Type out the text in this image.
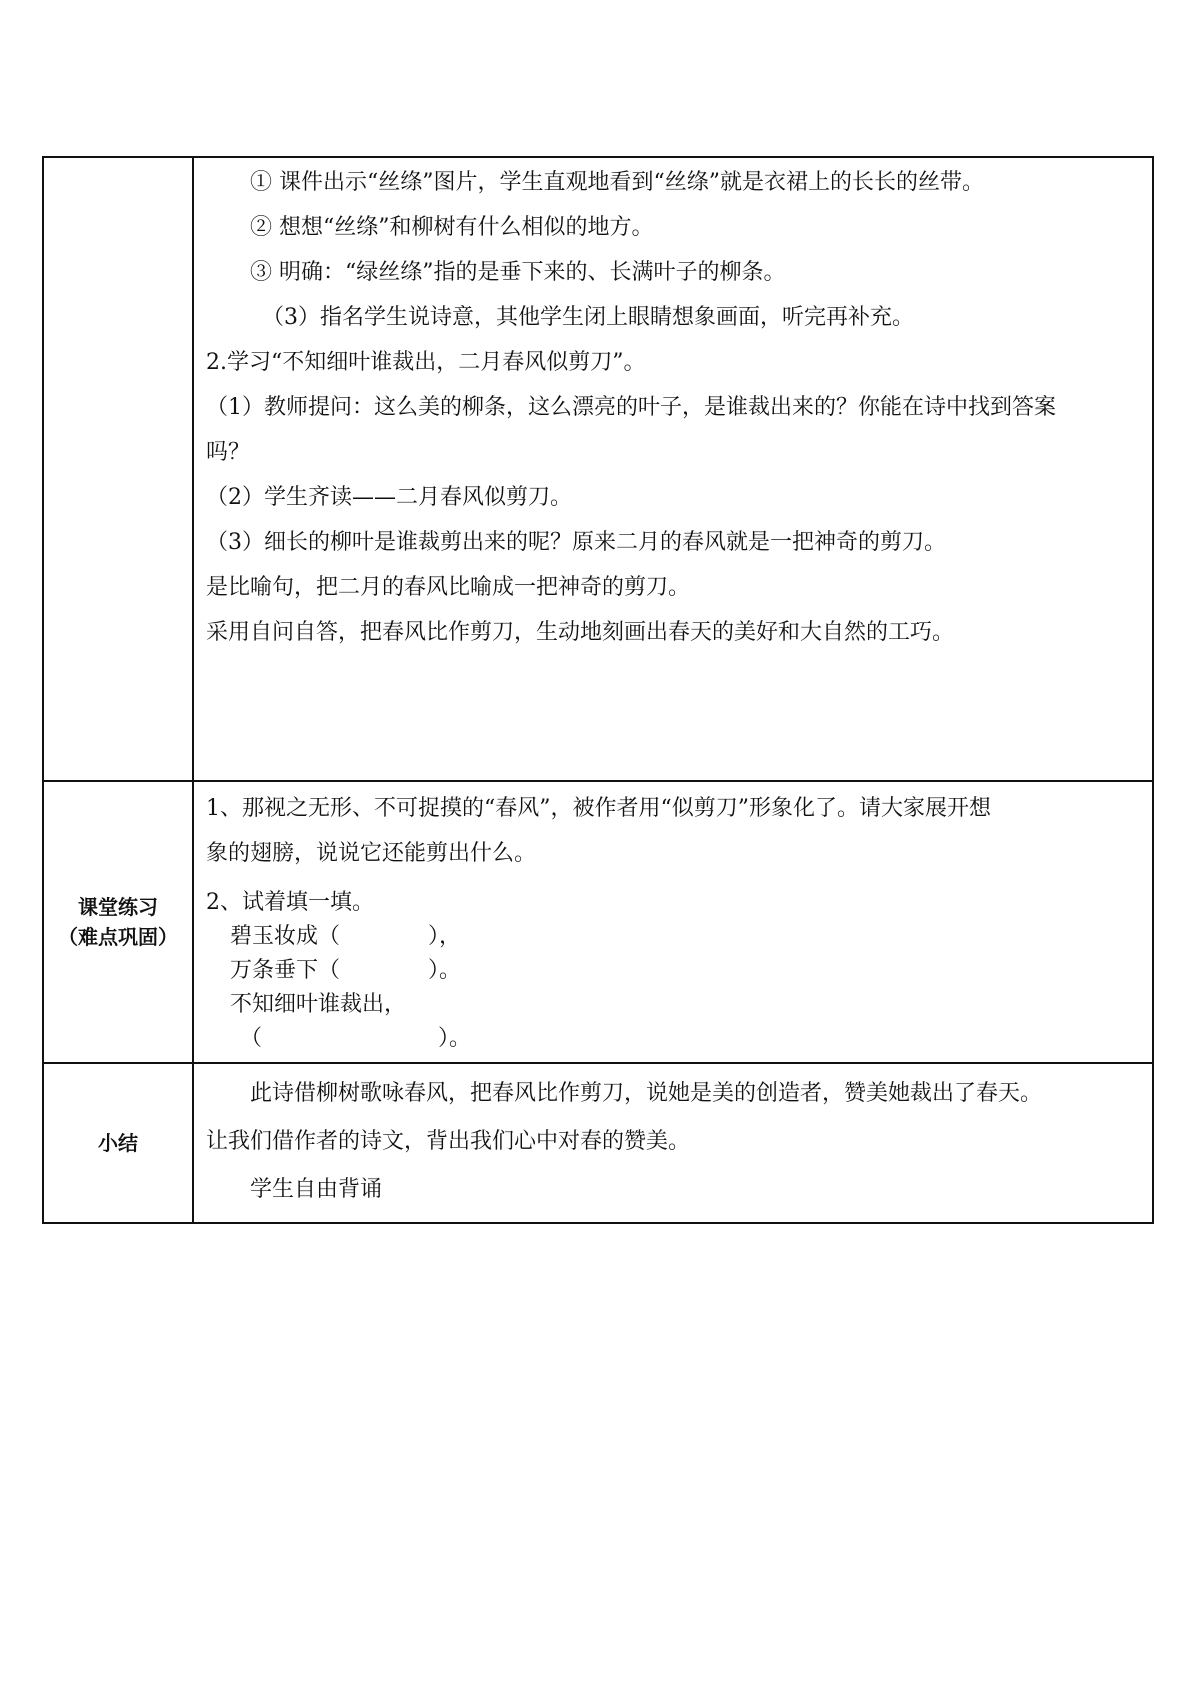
① 课件出示“丝绦”图片，学生直观地看到“丝绦”就是衣裙上的长长的丝带。
② 想想“丝绦”和柳树有什么相似的地方。
③ 明确：“绿丝绦”指的是垂下来的、长满叶子的柳条。
（3）指名学生说诗意，其他学生闭上眼睛想象画面，听完再补充。
2.学习“不知细叶谁裁出，二月春风似剪刀”。
（1）教师提问：这么美的柳条，这么漂亮的叶子，是谁裁出来的？你能在诗中找到答案
吗？
（2）学生齐读——二月春风似剪刀。
（3）细长的柳叶是谁裁剪出来的呢？原来二月的春风就是一把神奇的剪刀。
是比喻句，把二月的春风比喻成一把神奇的剪刀。
采用自问自答，把春风比作剪刀，生动地刻画出春天的美好和大自然的工巧。
课堂练习
（难点巩固）
1、那视之无形、不可捉摸的“春风”，被作者用“似剪刀”形象化了。请大家展开想
象的翅膀，说说它还能剪出什么。
2、试着填一填。
碧玉妆成（　　　　），
万条垂下（　　　　）。
不知细叶谁裁出，
（　　　　　　　　）。
小结
此诗借柳树歌咏春风，把春风比作剪刀，说她是美的创造者，赞美她裁出了春天。
让我们借作者的诗文，背出我们心中对春的赞美。
学生自由背诵
